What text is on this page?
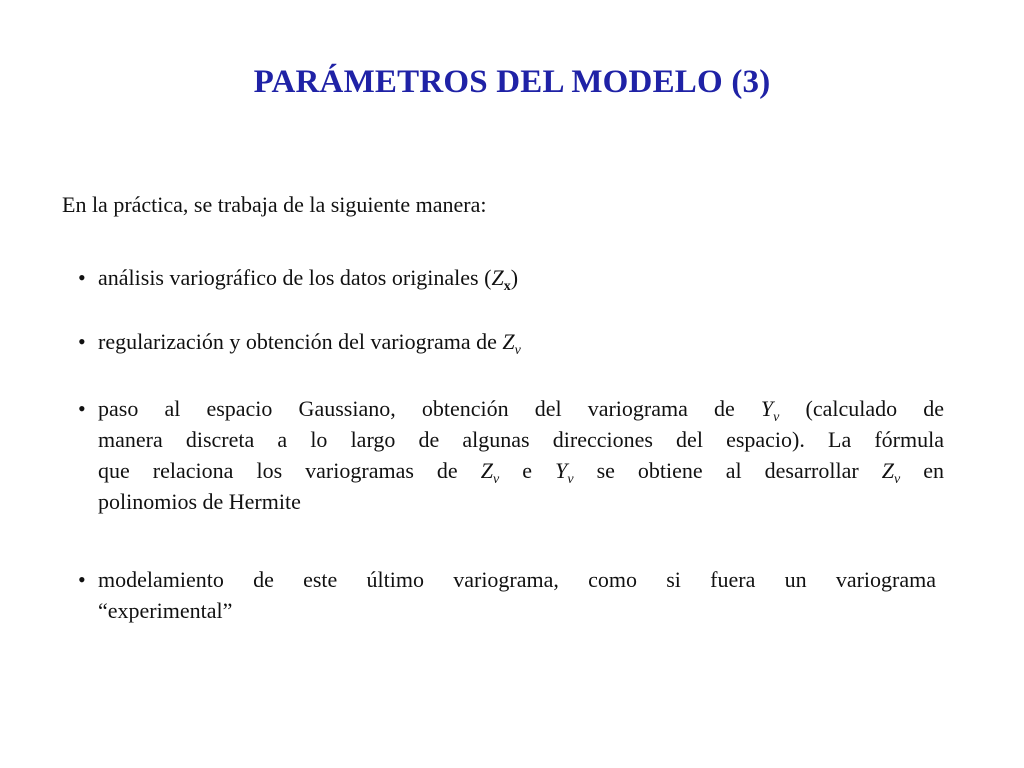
PARÁMETROS DEL MODELO (3)
En la práctica, se trabaja de la siguiente manera:
• análisis variográfico de los datos originales $(Z_x)$
• regularización y obtención del variograma de $Z_v$
• paso al espacio Gaussiano, obtención del variograma de $Y_v$ (calculado de
manera discreta a lo largo de algunas direcciones del espacio). La fórmula
que relaciona los variogramas de $Z_v$ e $Y_v$ se obtiene al desarrollar $Z_v$ en
polinomios de Hermite
• modelamiento de este último variograma, como si fuera un variograma
“experimental”
